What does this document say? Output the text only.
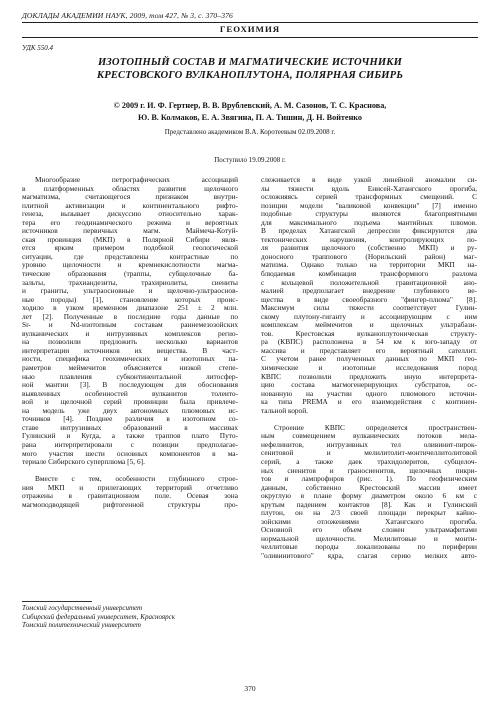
ДОКЛАДЫ АКАДЕМИИ НАУК, 2009, том 427, № 3, с. 370–376
ГЕОХИМИЯ
УДК 550.4
ИЗОТОПНЫЙ СОСТАВ И МАГМАТИЧЕСКИЕ ИСТОЧНИКИ
КРЕСТОВСКОГО ВУЛКАНОПЛУТОНА, ПОЛЯРНАЯ СИБИРЬ
© 2009 г. И. Ф. Гертнер, В. В. Врублевский, А. М. Сазонов, Т. С. Краснова,
Ю. В. Колмаков, Е. А. Звягина, П. А. Тишин, Д. Н. Войтенко
Представлено академиком В.А. Коротеевым 02.09.2008 г.
Поступило 19.09.2008 г.
Многообразие петрографических ассоциаций
в платформенных областях развития щелочного
магматизма, считающегося признаком внутри-
плитной активизации и континентального рифто-
генеза, вызывает дискуссию относительно харак-
тера его геодинамического режима и вероятных
источников первичных магм. Маймеча-Котуй-
ская провинция (МКП) в Полярной Сибири явля-
ется ярким примером подобной геологической
ситуации, где представлены контрастные по
уровню щелочности и кремнекислотности магма-
тические образования (траппы, субщелочные ба-
зальты, трахиандезиты, трахириолиты, сиениты
и граниты, ультраосновные и щелочно-ультраоснов-
ные породы) [1], становление которых проис-
ходило в узком временном диапазоне 251 ± 2 млн.
лет [2]. Полученные в последние годы данные по
Sr- и Nd-изотопным составам раннемезозойских
вулканических и интрузивных комплексов регио-
на позволили предложить несколько вариантов
интерпретации источников их вещества. В част-
ности, специфика геохимических и изотопных па-
раметров меймечитов объясняется низкой степе-
нью плавления субконтинентальной литосфер-
ной мантии [3]. В последующем для обоснования
выявленных особенностей вулканитов толеито-
вой и щелочной серий провинции была привлече-
на модель уже двух автономных плюмовых ис-
точников [4]. Позднее различия в изотопном со-
ставе интрузивных образований в массивах
Гулинский и Кугда, а также траппов плато Путо-
рана интерпретировали с позиции предполагае-
мого участия шести основных компонентов в ма-
териале Сибирского суперплюма [5, 6].
Вместе с тем, особенности глубинного строе-
ния МКП и прилегающих территорий отчетливо
отражены в гравитационном поле. Осевая зона
магмоподводящей рифтогенной структуры про-
слеживается в виде узкой линейной аномалии си-
лы тяжести вдоль Енисей-Хатангского прогиба,
осложняясь серией трансформных смещений. С
позиции модели "валиковой конвекции" [7] именно
подобные структуры являются благоприятными
для максимального подъема мантийных плюмов.
В пределах Хатангской депрессии фиксируются два
тектонических нарушения, контролирующих по-
ля развития щелочного (собственно МКП) и ру-
доносного траппового (Норильский район) маг-
матизма. Однако только на территории МКП на-
блюдаемая комбинация трансформного разлома
с кольцевой положительной гравитационной ано-
малией предполагает внедрение глубинного ве-
щества в виде своеобразного "фингер-плюма" [8].
Максимум силы тяжести соответствует Гулин-
скому плутону-гиганту и ассоциирующим с ним
комплексам меймечитов и щелочных ультрабази-
тов. Крестовская вулканоплутоническая структу-
ра (КВПС) расположена в 54 км к юго-западу от
массива и представляет его вероятный сателлит.
С учетом ранее полученных данных по МКП гео-
химические и изотопные исследования пород
КВПС позволили предложить иную интерпрета-
цию состава магмогенерирующих субстратов, ос-
нованную на участии одного плюмового источни-
ка типа PREMA и его взаимодействия с континен-
тальной корой.
Строение КВПС определяется пространствен-
ным совмещением вулканических потоков мела-
нефелинитов, интрузивных тел оливинит-пирок-
сенитовой и мелилитолит-монтичеллитолитовой
серий, а также даек трахидолеритов, субщелоч-
ных сиенитов и граносиенитов, щелочных пикри-
тов и лампрофиров (рис. 1). По геофизическим
данным, собственно Крестовский массив имеет
округлую в плане форму диаметром около 6 км с
крутым падением контактов [8]. Как и Гулинский
плутон, он на 2/3 своей площади перекрыт кайно-
зойскими отложениями Хатангского прогиба.
Основной его объем сложен ультрамафитами
нормальной щелочности. Мелилитовые и монти-
челлитовые породы локализованы по периферии
"оливинитового" ядра, слагая серию мелких авто-
Томский государственный университет
Сибирский федеральный университет, Красноярск
Томский политехнический университет
370
